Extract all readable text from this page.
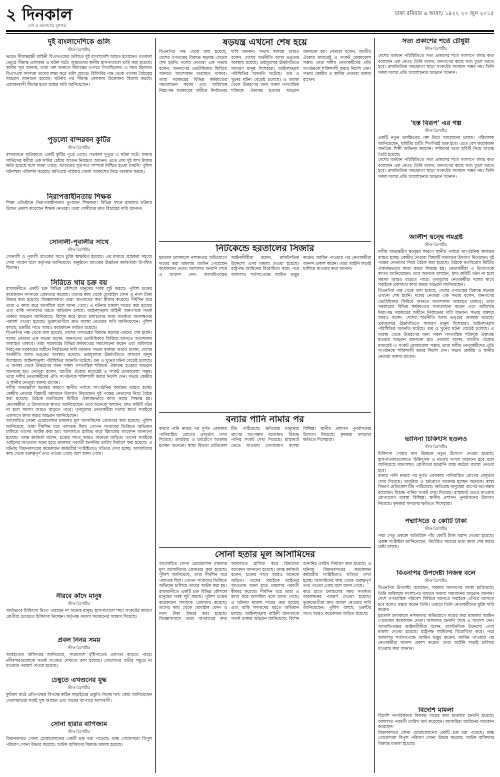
২ দিনকাল
দেশ ও জনগণের মুখপত্র
ঢাকা রবিবার ৬ আষাঢ় ১৪২২ ২০ জুন ২০১৫

দুই বাংলাদেশিকে গুলি

স্টাফ রিপোর্টার

ভারত সীমান্তরক্ষী বাহিনী বিএসএফের গুলিতে দুই বাংলাদেশি আহত হয়েছেন। গতকাল ভোরে সীমান্ত এলাকায় এ ঘটনা ঘটে। আহতদের স্থানীয় হাসপাতালে ভর্তি করা হয়েছে। স্থানীয় সূত্র জানায়, তারা গরু আনতে সীমান্তের ওপারে গিয়েছিলেন। এ সময় টহলরত বিএসএফ সদস্যরা তাদের লক্ষ্য করে গুলি ছোড়ে। বিজিবির পক্ষ থেকে পতাকা বৈঠকের আহ্বান জানানো হয়েছে। ঘটনার পর সীমান্ত এলাকায় উত্তেজনা বিরাজ করছে। এলাকাবাসী সীমান্ত হত্যা বন্ধের দাবি জানিয়েছেন।

পুড়লো বান্দরবন কুটির

স্টাফ রিপোর্টার

বান্দরবানে অগ্নিকাণ্ডে একটি কুটির পুড়ে গেছে। গতকাল দুপুরে এ ঘটনা ঘটে। ফায়ার সার্ভিসের কর্মীরা এক ঘণ্টার চেষ্টায় আগুন নিয়ন্ত্রণে আনেন। এতে প্রায় দুই লাখ টাকার ক্ষতি হয়েছে বলে জানা গেছে। আগুনের সূত্রপাত সম্পর্কে নিশ্চিত হওয়া যায়নি। পুলিশ ঘটনাস্থল পরিদর্শন করেছে। ক্ষতিগ্রস্ত পরিবার খোলা আকাশের নিচে অবস্থান করছে।

নিরাপত্তাহীনতায় শিক্ষক

শিক্ষা প্রতিষ্ঠানে নিরাপত্তাহীনতায় ভুগছেন শিক্ষকরা। বিভিন্ন স্থানে হামলার ঘটনায় উদ্বেগ প্রকাশ করেছেন শিক্ষক নেতারা। তারা দোষীদের দ্রুত বিচারের দাবি জানান।

সোনালী-পূবালীর সাথে

স্টাফ রিপোর্টার

সোনালী ও পূবালী ব্যাংকের সাথে চুক্তি স্বাক্ষরিত হয়েছে। এর মাধ্যমে গ্রাহকরা সহজে সেবা পাবেন বলে কর্তৃপক্ষ জানিয়েছে। অনুষ্ঠানে ব্যাংকের ঊর্ধ্বতন কর্মকর্তারা উপস্থিত ছিলেন।

সিরিতে খায় চক্র বয়

রাজধানীতে একটি চক্র বিভিন্ন কৌশলে মানুষের সর্বস্ব লুট করছে। পুলিশ চক্রের কয়েকজন সদস্যকে গ্রেফতার করেছে। তাদের কাছ থেকে মোবাইল ফোন ও নগদ টাকা উদ্ধার করা হয়েছে। জিজ্ঞাসাবাদে তারা অপরাধের কথা স্বীকার করেছে। দীর্ঘদিন ধরে তারা এ কাজ করে আসছিল বলে জানা গেছে। এ ঘটনায় মামলা দায়ের করা হয়েছে এবং বাকি সদস্যদের ধরতে অভিযান চলছে। আইনশৃঙ্খলা বাহিনী জনগণকে সতর্ক থাকার আহ্বান জানিয়েছে। বিশেষ করে রাতে চলাচলের সময় সতর্কতা অবলম্বনের পরামর্শ দেওয়া হয়েছে। ভুক্তভোগীরা দ্রুত ব্যবস্থা নেওয়ার দাবি জানিয়েছেন। পুলিশ বলছে, চক্রটির সাথে আরও কয়েকজন জড়িত রয়েছে।

বিএনপির পক্ষ থেকে বলা হয়েছে, দেশের গণতন্ত্রের বিরুদ্ধে ষড়যন্ত্র এখনো শেষ হয়নি। দলের নেতারা এক সভায় বলেন, জনগণের ভোটাধিকার ফিরিয়ে আনতে আন্দোলন অব্যাহত থাকবে। তারা সরকারের বিভিন্ন কর্মকাণ্ডের সমালোচনা করেন এবং অবিলম্বে নিরপেক্ষ সরকারের অধীনে নির্বাচনের দাবি জানান। সভায় বক্তারা আরও বলেন, দেশের অর্থনীতি আজ ভঙ্গুর অবস্থায় রয়েছে। দ্রব্যমূল্যের ঊর্ধ্বগতিতে সাধারণ মানুষ দিশেহারা। আইনশৃঙ্খলা পরিস্থিতির অবনতি ঘটেছে। গুম ও খুনের ঘটনা বেড়েই চলেছে। এ অবস্থা থেকে উত্তরণের জন্য সকল গণতান্ত্রিক শক্তিকে ঐক্যবদ্ধ হওয়ার আহ্বান জানানো হয়। নেতারা বলেন, জাতীয় ঐক্যের মাধ্যমেই এ সংকট মোকাবেলা সম্ভব। তারা দলীয় নেতাকর্মীদের প্রতি সংগঠনকে শক্তিশালী করার নির্দেশ দেন। সভায় কেন্দ্রীয় ও স্থানীয় নেতারা বক্তব্য রাখেন।

দলীয় অভ্যন্তরীণ দ্বন্দ্বের কারণে স্থানীয় পর্যায়ে সাংগঠনিক কার্যক্রম ব্যাহত হচ্ছে। কেন্দ্রীয় নেতারা বিষয়টি সমাধানে উদ্যোগ নিয়েছেন। দুই পক্ষের নেতাদের নিয়ে বৈঠক করা হয়েছে। বৈঠকে মতবিরোধ মিটিয়ে ঐক্যবদ্ধভাবে কাজ করার সিদ্ধান্ত হয়। নেতাকর্মীরা এ উদ্যোগকে স্বাগত জানিয়েছেন। তবে অনেকে বলছেন, দ্রুত কমিটি গঠন না হলে সমস্যা আরও বাড়তে পারে। তৃণমূলের নেতাকর্মীরা দলের স্বার্থে সবাইকে একসাথে কাজ করার আহ্বান জানিয়েছেন।

আলোচিত সোনা চোরাচালান মামলার মূল আসামিদের গ্রেফতার করা হয়েছে। পুলিশ জানিয়েছে, তারা দীর্ঘদিন ধরে পলাতক ছিল। গোপন সংবাদের ভিত্তিতে অভিযান চালিয়ে তাদের আটক করা হয়। আদালতে হাজির করে রিমান্ডের আবেদন জানানো হয়েছে। তদন্ত কর্মকর্তা বলেন, চক্রের সাথে আরও অনেকে জড়িত। তাদের সবাইকে আইনের আওতায় আনা হবে। মামলার পরবর্তী শুনানির তারিখ নির্ধারণ করা হয়েছে। এ ঘটনায় বিমানবন্দরের কয়েকজন কর্মচারীর সংশ্লিষ্টতাও খতিয়ে দেখা হচ্ছে। আসামিদের কাছ থেকে গুরুত্বপূর্ণ তথ্য পাওয়া গেছে বলে জানা গেছে।

নীরবে কাঁদে মানুষ

স্টাফ রিপোর্টার

অর্থাভাবে চিকিৎসা নিতে পারছেন না অনেক মানুষ। হাসপাতালে শয্যা সংকটের কারণে রোগীরা মেঝেতে চিকিৎসা নিচ্ছেন। কর্তৃপক্ষ সমস্যা সমাধানের আশ্বাস দিয়েছে।

প্রবল নিনর সময়

স্টাফ রিপোর্টার

আবহাওয়া অধিদপ্তর জানিয়েছে, সারাদেশে বৃষ্টিপাতের প্রবণতা বাড়তে পারে। নদীবন্দরগুলোকে সতর্ক সংকেত দেখাতে বলা হয়েছে। জেলেদের গভীর সমুদ্রে না যাওয়ার পরামর্শ দেওয়া হয়েছে।

চেম্বুতে এখণ্ডনের যুদ্ধ

স্টাফ রিপোর্টার

ফুটবল মাঠে প্রতিপক্ষের বিপক্ষে কঠিন লড়াইয়ের প্রস্তুতি নিচ্ছে দল। কোচ জানিয়েছেন খেলোয়াড়রা সবাই সুস্থ আছেন এবং জয়ের ব্যাপারে আশাবাদী।

সোনা হারার বাণিজ্যম

স্টাফ রিপোর্টার

বিমানবন্দরে সোনা চোরাচালানের একটি চক্র ধরা পড়েছে। শুল্ক গোয়েন্দারা বিপুল পরিমাণ সোনা উদ্ধার করেছে। আটক ব্যক্তিদের বিরুদ্ধে মামলা হয়েছে।

ষড়যন্ত্র এখনো শেষ হয়ে

বিএনপির পক্ষ থেকে বলা হয়েছে, দেশের গণতন্ত্রের বিরুদ্ধে ষড়যন্ত্র এখনো শেষ হয়নি। দলের নেতারা এক সভায় বলেন, জনগণের ভোটাধিকার ফিরিয়ে আনতে আন্দোলন অব্যাহত থাকবে। তারা সরকারের বিভিন্ন কর্মকাণ্ডের সমালোচনা করেন এবং অবিলম্বে নিরপেক্ষ সরকারের অধীনে নির্বাচনের দাবি জানান। সভায় বক্তারা আরও বলেন, দেশের অর্থনীতি আজ ভঙ্গুর অবস্থায় রয়েছে। দ্রব্যমূল্যের ঊর্ধ্বগতিতে সাধারণ মানুষ দিশেহারা। আইনশৃঙ্খলা পরিস্থিতির অবনতি ঘটেছে। গুম ও খুনের ঘটনা বেড়েই চলেছে। এ অবস্থা থেকে উত্তরণের জন্য সকল গণতান্ত্রিক শক্তিকে ঐক্যবদ্ধ হওয়ার আহ্বান জানানো হয়। নেতারা বলেন, জাতীয় ঐক্যের মাধ্যমেই এ সংকট মোকাবেলা সম্ভব। তারা দলীয় নেতাকর্মীদের প্রতি সংগঠনকে শক্তিশালী করার নির্দেশ দেন। সভায় কেন্দ্রীয় ও স্থানীয় নেতারা বক্তব্য রাখেন।

নিটকেন্ডে হরতালের সিজার

হরতাল চলাকালে নাশকতার অভিযোগে দায়ের করা মামলায় জামিন পেয়েছেন কয়েকজন নেতা। আদালত শুনানি শেষে এ আদেশ দেন। আসামিপক্ষের আইনজীবীরা বলেন, রাজনৈতিক উদ্দেশ্যে এসব মামলা দেওয়া হয়েছে। রাষ্ট্রপক্ষ জামিনের বিরোধিতা করে। পরে আদালত শর্তসাপেক্ষে জামিন মঞ্জুর করেন। জামিন পাওয়ার পর নেতাকর্মীরা আনন্দ প্রকাশ করেন। তারা আইনি লড়াই চালিয়ে যাওয়ার কথা জানান।

বন্যার পানি নামার পর

বন্যার পানি নামার পর দুর্গত এলাকায় পানিবাহিত রোগের প্রাদুর্ভাব দেখা দিয়েছে। ডায়রিয়া ও চর্মরোগে আক্রান্ত হচ্ছেন অনেকে। স্বাস্থ্য বিভাগ মেডিকেল টিম পাঠিয়েছে। ক্ষতিগ্রস্ত মানুষেরা ত্রাণের অপেক্ষায় রয়েছেন। বিশুদ্ধ পানির সংকট দেখা দিয়েছে। রাস্তাঘাট ভেঙে যাওয়ায় যোগাযোগ ব্যবস্থা বিচ্ছিন্ন। স্থানীয় প্রশাসন পুনর্বাসনের উদ্যোগ নিয়েছে। কৃষকরা ফসলের ক্ষতিতে দিশেহারা।

সোনা হতার মূল আসামিদের

আলোচিত সোনা চোরাচালান মামলার মূল আসামিদের গ্রেফতার করা হয়েছে। পুলিশ জানিয়েছে, তারা দীর্ঘদিন ধরে পলাতক ছিল। গোপন সংবাদের ভিত্তিতে অভিযান চালিয়ে তাদের আটক করা হয়। আদালতে হাজির করে রিমান্ডের আবেদন জানানো হয়েছে। তদন্ত কর্মকর্তা বলেন, চক্রের সাথে আরও অনেকে জড়িত। তাদের সবাইকে আইনের আওতায় আনা হবে। মামলার পরবর্তী শুনানির তারিখ নির্ধারণ করা হয়েছে। এ ঘটনায় বিমানবন্দরের কয়েকজন কর্মচারীর সংশ্লিষ্টতাও খতিয়ে দেখা হচ্ছে। আসামিদের কাছ থেকে গুরুত্বপূর্ণ তথ্য পাওয়া গেছে বলে জানা গেছে।

রাজধানীতে একটি চক্র বিভিন্ন কৌশলে মানুষের সর্বস্ব লুট করছে। পুলিশ চক্রের কয়েকজন সদস্যকে গ্রেফতার করেছে। তাদের কাছ থেকে মোবাইল ফোন ও নগদ টাকা উদ্ধার করা হয়েছে। জিজ্ঞাসাবাদে তারা অপরাধের কথা স্বীকার করেছে। দীর্ঘদিন ধরে তারা এ কাজ করে আসছিল বলে জানা গেছে। এ ঘটনায় মামলা দায়ের করা হয়েছে এবং বাকি সদস্যদের ধরতে অভিযান চলছে। আইনশৃঙ্খলা বাহিনী জনগণকে সতর্ক থাকার আহ্বান জানিয়েছে। বিশেষ করে রাতে চলাচলের সময় সতর্কতা অবলম্বনের পরামর্শ দেওয়া হয়েছে। ভুক্তভোগীরা দ্রুত ব্যবস্থা নেওয়ার দাবি জানিয়েছেন। পুলিশ বলছে, চক্রটির সাথে আরও কয়েকজন জড়িত রয়েছে।

সত্য প্রকাশের শর্তে চৌধুরী

স্টাফ রিপোর্টার

দেশের বর্তমান পরিস্থিতিতে সত্য প্রকাশের শর্তে সংলাপে বসার কথা বলেছেন এক নেতা। তিনি বলেন, জনগণের কাছে সত্য তুলে ধরতে হবে। রাজনৈতিক সমঝোতা ছাড়া সংকটের সমাধান সম্ভব নয়। তিনি সকল দলের প্রতি আলোচনার আহ্বান জানান।

'হস্ত বিরূপ' এর গল্প

স্টাফ রিপোর্টার

একটি নতুন চলচ্চিত্রের গল্প নিয়ে আলোচনা চলছে। পরিচালক জানিয়েছেন, ছবিটির শুটিং শিগগিরই শুরু হবে। এতে বেশ কয়েকজন জনপ্রিয় শিল্পী অভিনয় করবেন। দর্শকদের মধ্যে ছবিটি নিয়ে আগ্রহ তৈরি হয়েছে।

দেশের বর্তমান পরিস্থিতিতে সত্য প্রকাশের শর্তে সংলাপে বসার কথা বলেছেন এক নেতা। তিনি বলেন, জনগণের কাছে সত্য তুলে ধরতে হবে। রাজনৈতিক সমঝোতা ছাড়া সংকটের সমাধান সম্ভব নয়। তিনি সকল দলের প্রতি আলোচনার আহ্বান জানান।

আর্লীশ দ্বন্দ্বে গমগ্রষ্ট

স্টাফ রিপোর্টার

দলীয় অভ্যন্তরীণ দ্বন্দ্বের কারণে স্থানীয় পর্যায়ে সাংগঠনিক কার্যক্রম ব্যাহত হচ্ছে। কেন্দ্রীয় নেতারা বিষয়টি সমাধানে উদ্যোগ নিয়েছেন। দুই পক্ষের নেতাদের নিয়ে বৈঠক করা হয়েছে। বৈঠকে মতবিরোধ মিটিয়ে ঐক্যবদ্ধভাবে কাজ করার সিদ্ধান্ত হয়। নেতাকর্মীরা এ উদ্যোগকে স্বাগত জানিয়েছেন। তবে অনেকে বলছেন, দ্রুত কমিটি গঠন না হলে সমস্যা আরও বাড়তে পারে। তৃণমূলের নেতাকর্মীরা দলের স্বার্থে সবাইকে একসাথে কাজ করার আহ্বান জানিয়েছেন।

বিএনপির পক্ষ থেকে বলা হয়েছে, দেশের গণতন্ত্রের বিরুদ্ধে ষড়যন্ত্র এখনো শেষ হয়নি। দলের নেতারা এক সভায় বলেন, জনগণের ভোটাধিকার ফিরিয়ে আনতে আন্দোলন অব্যাহত থাকবে। তারা সরকারের বিভিন্ন কর্মকাণ্ডের সমালোচনা করেন এবং অবিলম্বে নিরপেক্ষ সরকারের অধীনে নির্বাচনের দাবি জানান। সভায় বক্তারা আরও বলেন, দেশের অর্থনীতি আজ ভঙ্গুর অবস্থায় রয়েছে। দ্রব্যমূল্যের ঊর্ধ্বগতিতে সাধারণ মানুষ দিশেহারা। আইনশৃঙ্খলা পরিস্থিতির অবনতি ঘটেছে। গুম ও খুনের ঘটনা বেড়েই চলেছে। এ অবস্থা থেকে উত্তরণের জন্য সকল গণতান্ত্রিক শক্তিকে ঐক্যবদ্ধ হওয়ার আহ্বান জানানো হয়। নেতারা বলেন, জাতীয় ঐক্যের মাধ্যমেই এ সংকট মোকাবেলা সম্ভব। তারা দলীয় নেতাকর্মীদের প্রতি সংগঠনকে শক্তিশালী করার নির্দেশ দেন। সভায় কেন্দ্রীয় ও স্থানীয় নেতারা বক্তব্য রাখেন।

ভানিনা চিকিৎসি হওলও

স্টাফ রিপোর্টার

চিকিৎসা সেবার মান উন্নয়নে নতুন উদ্যোগ নেওয়া হয়েছে। হাসপাতালগুলোতে চিকিৎসক ও নার্সের সংখ্যা বাড়ানো হবে বলে জানিয়েছে মন্ত্রণালয়। রোগীদের হয়রানি বন্ধে কঠোর ব্যবস্থা নেওয়া হবে।

বন্যার পানি নামার পর দুর্গত এলাকায় পানিবাহিত রোগের প্রাদুর্ভাব দেখা দিয়েছে। ডায়রিয়া ও চর্মরোগে আক্রান্ত হচ্ছেন অনেকে। স্বাস্থ্য বিভাগ মেডিকেল টিম পাঠিয়েছে। ক্ষতিগ্রস্ত মানুষেরা ত্রাণের অপেক্ষায় রয়েছেন। বিশুদ্ধ পানির সংকট দেখা দিয়েছে। রাস্তাঘাট ভেঙে যাওয়ায় যোগাযোগ ব্যবস্থা বিচ্ছিন্ন। স্থানীয় প্রশাসন পুনর্বাসনের উদ্যোগ নিয়েছে। কৃষকরা ফসলের ক্ষতিতে দিশেহারা।

পদ্মাসিতে ৫ কোটি টাকা

স্টাফ রিপোর্টার

পদ্মা সেতু প্রকল্পে অতিরিক্ত পাঁচ কোটি টাকা বরাদ্দ দেওয়া হয়েছে। প্রকল্প সংশ্লিষ্টরা জানিয়েছেন, নির্ধারিত সময়ের মধ্যে কাজ শেষ করার চেষ্টা চলছে।

বিএনপির উপদেষ্টা নিজস্ব বলে

স্টাফ রিপোর্টার

বিএনপির উপদেষ্টা বলেছেন, সরকার জনগণের আস্থা হারিয়েছে। তিনি অবিলম্বে সংলাপের মাধ্যমে সমস্যা সমাধানের আহ্বান জানান। দেশে গণতান্ত্রিক পরিবেশ ফিরিয়ে আনতে সবাইকে এগিয়ে আসতে হবে বলেও মন্তব্য করেন তিনি। এছাড়া তিনি নেতাকর্মীদের মুক্তি দাবি করেন।

হরতাল চলাকালে নাশকতার অভিযোগে দায়ের করা মামলায় জামিন পেয়েছেন কয়েকজন নেতা। আদালত শুনানি শেষে এ আদেশ দেন। আসামিপক্ষের আইনজীবীরা বলেন, রাজনৈতিক উদ্দেশ্যে এসব মামলা দেওয়া হয়েছে। রাষ্ট্রপক্ষ জামিনের বিরোধিতা করে। পরে আদালত শর্তসাপেক্ষে জামিন মঞ্জুর করেন। জামিন পাওয়ার পর নেতাকর্মীরা আনন্দ প্রকাশ করেন। তারা আইনি লড়াই চালিয়ে যাওয়ার কথা জানান।

বিদেশি মামলা

বিদেশি নাগরিকদের বিরুদ্ধে দায়ের করা মামলার শুনানি হয়েছে। আদালত পরবর্তী তারিখ ধার্য করেছেন। আসামিরা জামিনের আবেদন করেছেন।

বিমানবন্দরে সোনা চোরাচালানের একটি চক্র ধরা পড়েছে। শুল্ক গোয়েন্দারা বিপুল পরিমাণ সোনা উদ্ধার করেছে। আটক ব্যক্তিদের বিরুদ্ধে মামলা হয়েছে।
